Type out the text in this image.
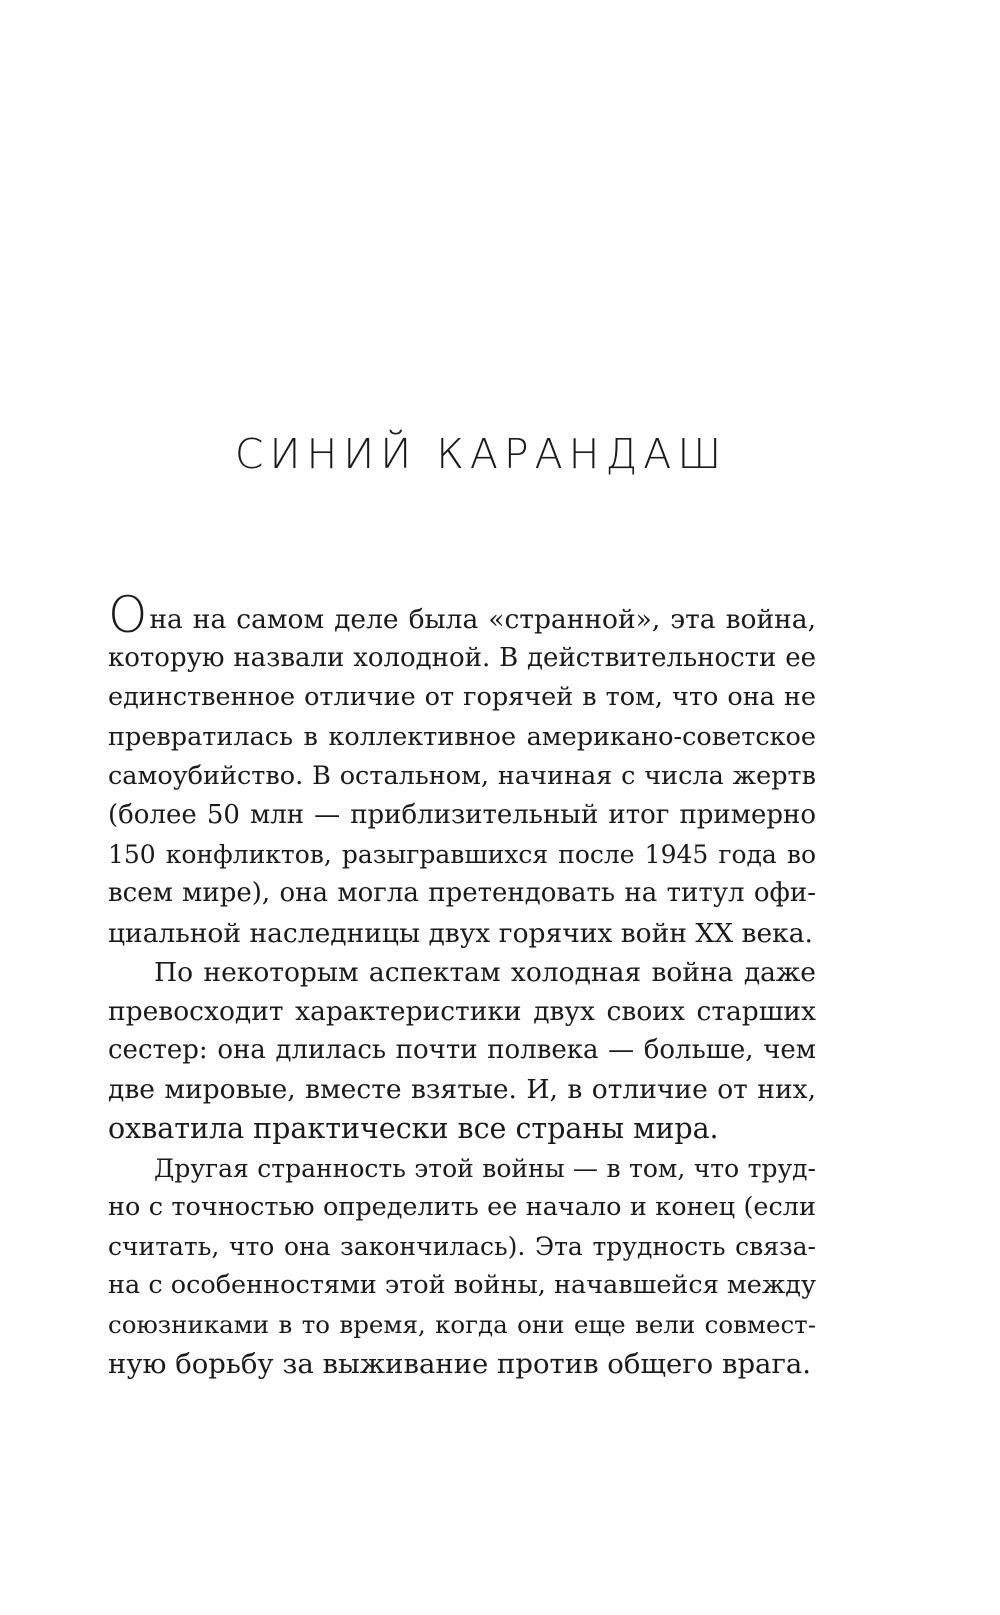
СИНИЙ КАРАНДАШ
Она на самом деле была «странной», эта война,
которую назвали холодной. В действительности ее
единственное отличие от горячей в том, что она не
превратилась в коллективное американо-советское
самоубийство. В остальном, начиная с числа жертв
(более 50 млн — приблизительный итог примерно
150 конфликтов, разыгравшихся после 1945 года во
всем мире), она могла претендовать на титул офи-
циальной наследницы двух горячих войн XX века.
По некоторым аспектам холодная война даже
превосходит характеристики двух своих старших
сестер: она длилась почти полвека — больше, чем
две мировые, вместе взятые. И, в отличие от них,
охватила практически все страны мира.
Другая странность этой войны — в том, что труд-
но с точностью определить ее начало и конец (если
считать, что она закончилась). Эта трудность связа-
на с особенностями этой войны, начавшейся между
союзниками в то время, когда они еще вели совмест-
ную борьбу за выживание против общего врага.
